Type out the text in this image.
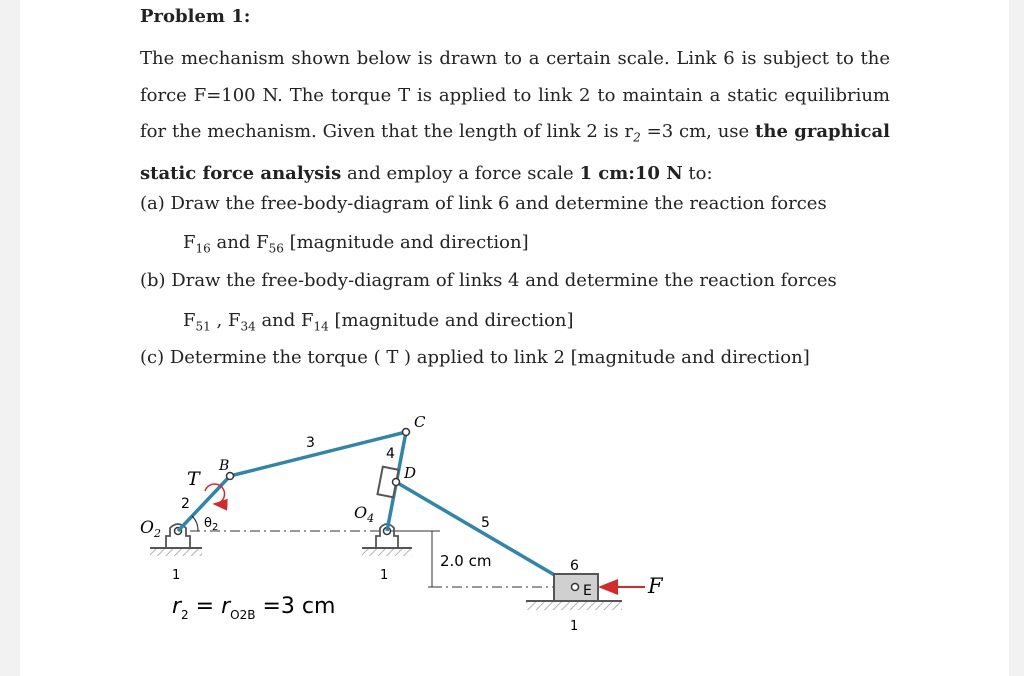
Problem 1:
The mechanism shown below is drawn to a certain scale. Link 6 is subject to the force F=100 N. The torque T is applied to link 2 to maintain a static equilibrium for the mechanism. Given that the length of link 2 is $r_2 =3$ cm, use the graphical static force analysis and employ a force scale 1 cm:10 N to:
(a) Draw the free-body-diagram of link 6 and determine the reaction forces
$F_{16}$ and $F_{56}$ [magnitude and direction]
(b) Draw the free-body-diagram of links 4 and determine the reaction forces
$F_{51}$ , $F_{34}$ and $F_{14}$ [magnitude and direction]
(c) Determine the torque ( T ) applied to link 2 [magnitude and direction]
$O_2$
$O_4$
T
B
C
D
E	F
1	1
1
2
3
4
5
6
$\theta_2$
2.0 cm
$r_2 = r_{O2B} =3$ cm
